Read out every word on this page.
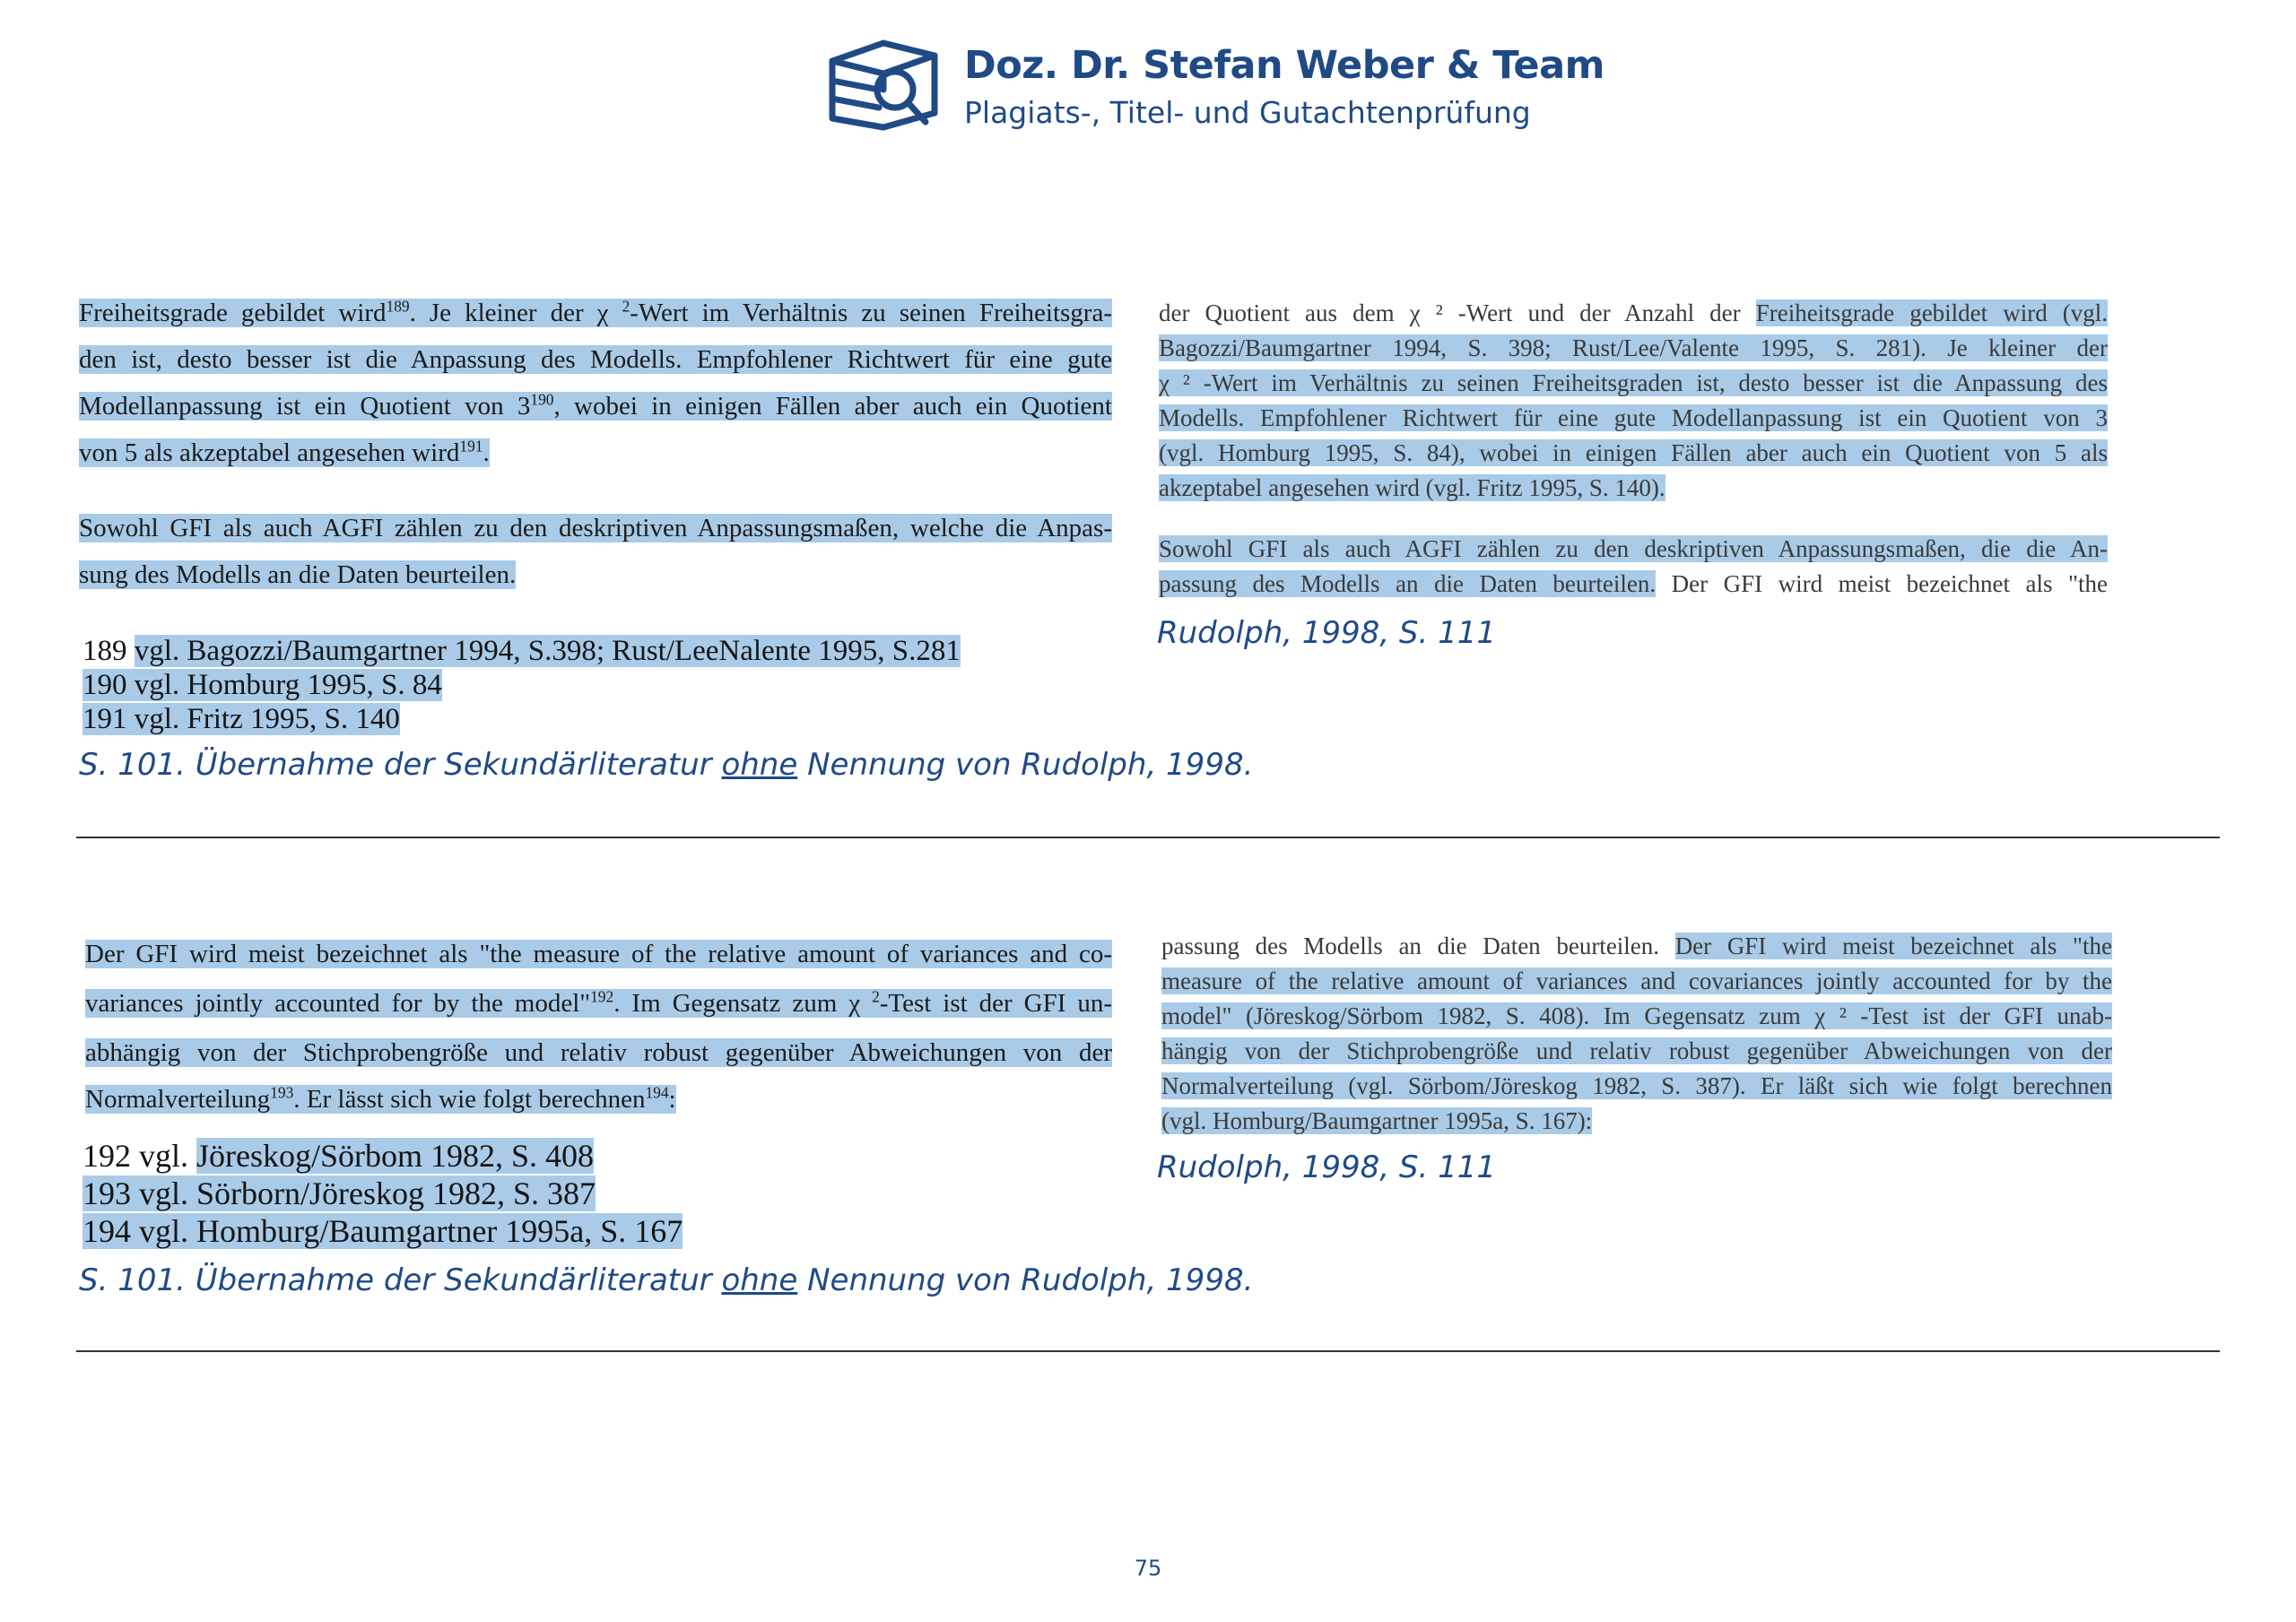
Doz. Dr. Stefan Weber & Team
Plagiats-, Titel- und Gutachtenprüfung
Freiheitsgrade gebildet wird$^{189}$. Je kleiner der χ $^2$-Wert im Verhältnis zu seinen Freiheitsgra-
den ist, desto besser ist die Anpassung des Modells. Empfohlener Richtwert für eine gute
Modellanpassung ist ein Quotient von $3^{190}$, wobei in einigen Fällen aber auch ein Quotient
von 5 als akzeptabel angesehen wird$^{191}$.
Sowohl GFI als auch AGFI zählen zu den deskriptiven Anpassungsmaßen, welche die Anpas-
sung des Modells an die Daten beurteilen.
189 vgl. Bagozzi/Baumgartner 1994, S.398; Rust/LeeNalente 1995, S.281
190 vgl. Homburg 1995, S. 84
191 vgl. Fritz 1995, S. 140
S. 101. Übernahme der Sekundärliteratur ohne Nennung von Rudolph, 1998.
der Quotient aus dem χ ² -Wert und der Anzahl der Freiheitsgrade gebildet wird (vgl.
Bagozzi/Baumgartner 1994, S. 398; Rust/Lee/Valente 1995, S. 281). Je kleiner der
χ ² -Wert im Verhältnis zu seinen Freiheitsgraden ist, desto besser ist die Anpassung des
Modells. Empfohlener Richtwert für eine gute Modellanpassung ist ein Quotient von 3
(vgl. Homburg 1995, S. 84), wobei in einigen Fällen aber auch ein Quotient von 5 als
akzeptabel angesehen wird (vgl. Fritz 1995, S. 140).
Sowohl GFI als auch AGFI zählen zu den deskriptiven Anpassungsmaßen, die die An-
passung des Modells an die Daten beurteilen. Der GFI wird meist bezeichnet als "the
Rudolph, 1998, S. 111
Der GFI wird meist bezeichnet als "the measure of the relative amount of variances and co-
variances jointly accounted for by the model"$^{192}$. Im Gegensatz zum χ $^2$-Test ist der GFI un-
abhängig von der Stichprobengröße und relativ robust gegenüber Abweichungen von der
Normalverteilung$^{193}$. Er lässt sich wie folgt berechnen$^{194}$:
192 vgl. Jöreskog/Sörbom 1982, S. 408
193 vgl. Sörborn/Jöreskog 1982, S. 387
194 vgl. Homburg/Baumgartner 1995a, S. 167
S. 101. Übernahme der Sekundärliteratur ohne Nennung von Rudolph, 1998.
passung des Modells an die Daten beurteilen. Der GFI wird meist bezeichnet als "the
measure of the relative amount of variances and covariances jointly accounted for by the
model" (Jöreskog/Sörbom 1982, S. 408). Im Gegensatz zum χ ² -Test ist der GFI unab-
hängig von der Stichprobengröße und relativ robust gegenüber Abweichungen von der
Normalverteilung (vgl. Sörbom/Jöreskog 1982, S. 387). Er läßt sich wie folgt berechnen
(vgl. Homburg/Baumgartner 1995a, S. 167):
Rudolph, 1998, S. 111
75
